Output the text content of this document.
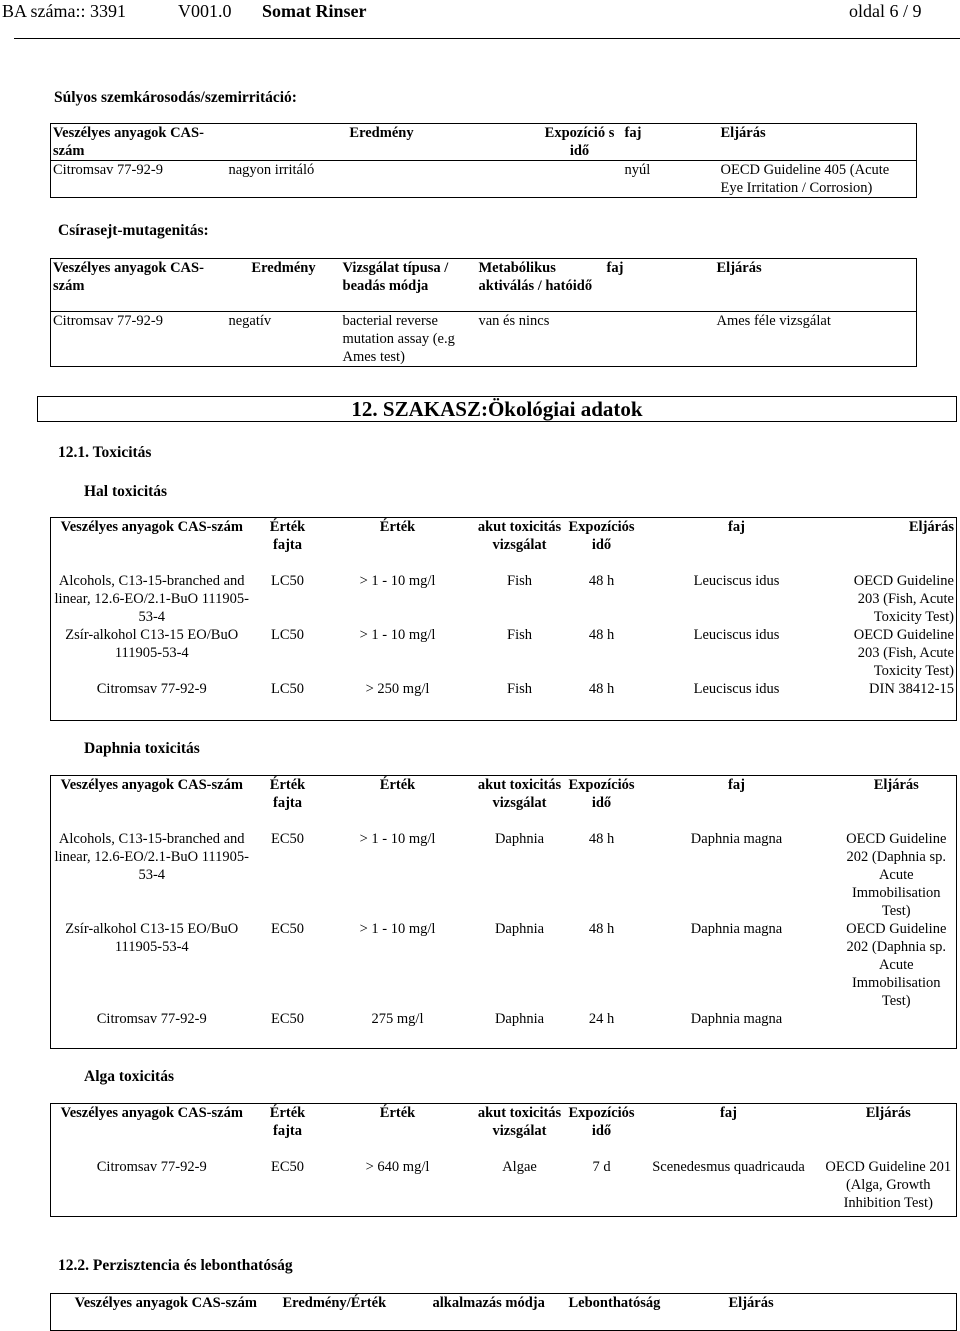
BA száma:: 3391	V001.0 Somat Rinser	oldal 6 / 9
Súlyos szemkárosodás/szemirritáció:
Veszélyes anyagok CAS-szám	Eredmény	Expozíció s idő	faj	Eljárás
Citromsav 77-92-9	nagyon irritáló		nyúl	OECD Guideline 405 (Acute Eye Irritation / Corrosion)
Csírasejt-mutagenitás:
Veszélyes anyagok CAS-szám	Eredmény	Vizsgálat típusa / beadás módja	Metabólikus aktiválás / hatóidő	faj	Eljárás
Citromsav 77-92-9	negatív	bacterial reverse mutation assay (e.g Ames test)	van és nincs		Ames féle vizsgálat
12. SZAKASZ:Ökológiai adatok
12.1. Toxicitás
Hal toxicitás
Veszélyes anyagok CAS-szám	Érték fajta	Érték	akut toxicitás vizsgálat	Expozíciós idő	faj	Eljárás
Alcohols, C13-15-branched and linear, 12.6-EO/2.1-BuO 111905-53-4	LC50	> 1 - 10 mg/l	Fish	48 h	Leuciscus idus	OECD Guideline 203 (Fish, Acute Toxicity Test)
Zsír-alkohol C13-15 EO/BuO 111905-53-4	LC50	> 1 - 10 mg/l	Fish	48 h	Leuciscus idus	OECD Guideline 203 (Fish, Acute Toxicity Test)
Citromsav 77-92-9	LC50	> 250 mg/l	Fish	48 h	Leuciscus idus	DIN 38412-15
Daphnia toxicitás
Veszélyes anyagok CAS-szám	Érték fajta	Érték	akut toxicitás vizsgálat	Expozíciós idő	faj	Eljárás
Alcohols, C13-15-branched and linear, 12.6-EO/2.1-BuO 111905-53-4	EC50	> 1 - 10 mg/l	Daphnia	48 h	Daphnia magna	OECD Guideline 202 (Daphnia sp. Acute Immobilisation Test)
Zsír-alkohol C13-15 EO/BuO 111905-53-4	EC50	> 1 - 10 mg/l	Daphnia	48 h	Daphnia magna	OECD Guideline 202 (Daphnia sp. Acute Immobilisation Test)
Citromsav 77-92-9	EC50	275 mg/l	Daphnia	24 h	Daphnia magna	
Alga toxicitás
Veszélyes anyagok CAS-szám	Érték fajta	Érték	akut toxicitás vizsgálat	Expozíciós idő	faj	Eljárás
Citromsav 77-92-9	EC50	> 640 mg/l	Algae	7 d	Scenedesmus quadricauda	OECD Guideline 201 (Alga, Growth Inhibition Test)
12.2. Perzisztencia és lebonthatóság
Veszélyes anyagok CAS-szám	Eredmény/Érték	alkalmazás módja	Lebonthatóság	Eljárás
